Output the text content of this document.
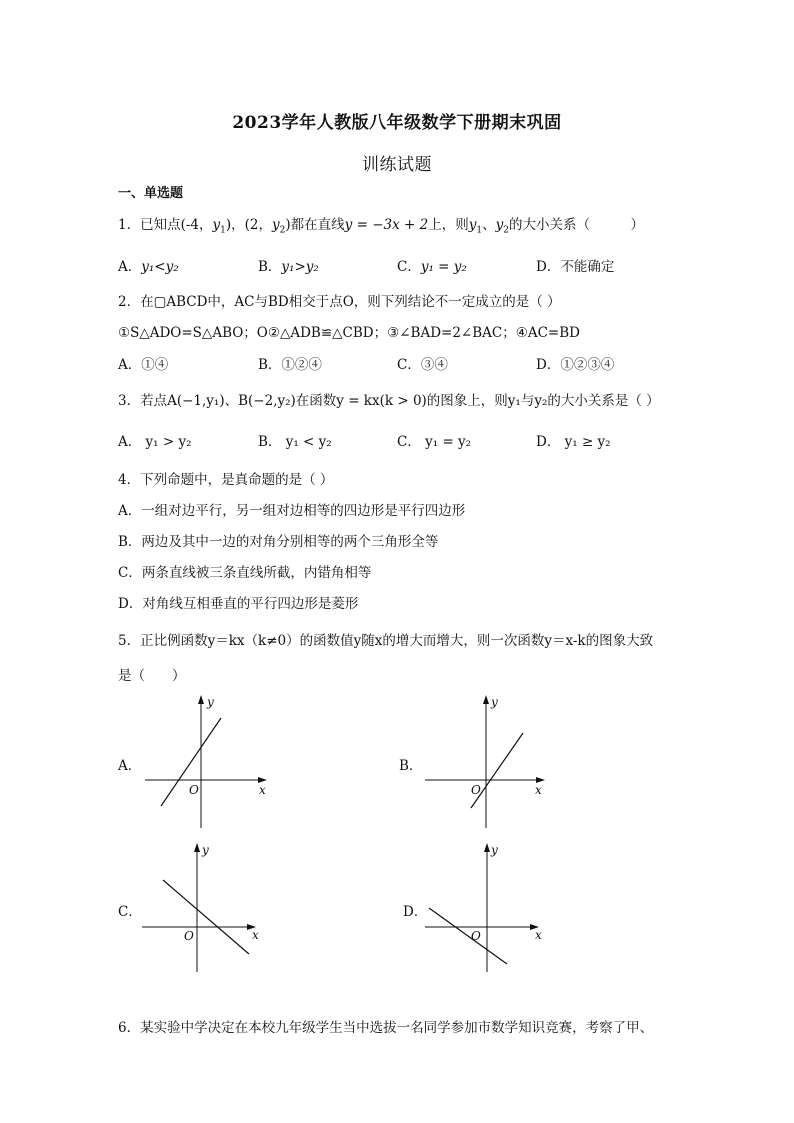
2023学年人教版八年级数学下册期末巩固
训练试题
一、单选题
1．已知点(-4，$y_1$)，(2，$y_2$)都在直线y = −3x + 2上，则$y_1$、$y_2$的大小关系（　　　）
A．y₁<y₂	B．y₁>y₂	C．y₁ = y₂	D．不能确定
2．在▢ABCD中，AC与BD相交于点O，则下列结论不一定成立的是（ ）
①S△ADO=S△ABO；O②△ADB≌△CBD；③∠BAD=2∠BAC；④AC=BD
A．①④	B．①②④	C．③④	D．①②③④
3．若点A(−1,y₁)、B(−2,y₂)在函数y = kx(k > 0)的图象上，则y₁与y₂的大小关系是（ ）
A． y₁ > y₂	B． y₁ < y₂	C． y₁ = y₂	D． y₁ ≥ y₂
4．下列命题中，是真命题的是（ ）
A．一组对边平行，另一组对边相等的四边形是平行四边形
B．两边及其中一边的对角分别相等的两个三角形全等
C．两条直线被三条直线所截，内错角相等
D．对角线互相垂直的平行四边形是菱形
5．正比例函数y＝kx（k≠0）的函数值y随x的增大而增大，则一次函数y＝x-k的图象大致
是（　　）
A．
y
x
O
B．
y
x
O
C．
y
x
O
D．
y
x
O
6．某实验中学决定在本校九年级学生当中选拔一名同学参加市数学知识竞赛，考察了甲、
